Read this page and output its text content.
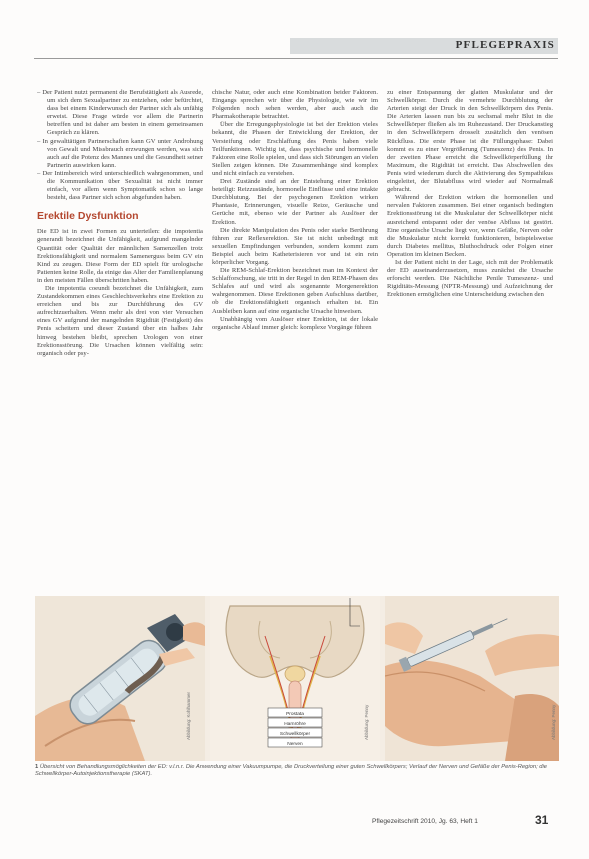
PFLEGEPRAXIS
– Der Patient nutzt permanent die Berufstätigkeit als Ausrede, um sich dem Sexualpartner zu entziehen, oder befürchtet, dass bei einem Kinderwunsch der Partner sich als unfähig erweist. Diese Frage würde vor allem die Partnerin betreffen und ist daher am besten in einem gemeinsamen Gespräch zu klären.
– In gewalttätigen Partnerschaften kann GV unter Androhung von Gewalt und Missbrauch erzwungen werden, was sich auch auf die Potenz des Mannes und die Gesundheit seiner Partnerin auswirken kann.
– Der Intimbereich wird unterschiedlich wahrgenommen, und die Kommunikation über Sexualität ist nicht immer einfach, vor allem wenn Symptomatik schon so lange besteht, dass Partner sich schon abgefunden haben.
Erektile Dysfunktion

Die ED ist in zwei Formen zu unterteilen: die impotentia generandi bezeichnet die Unfähigkeit, aufgrund mangelnder Quantität oder Qualität der männlichen Samenzellen trotz Erektionsfähigkeit und normalem Samenerguss beim GV ein Kind zu zeugen. Diese Form der ED spielt für urologische Patienten keine Rolle, da einige das Alter der Familienplanung in den meisten Fällen überschritten haben.

Die impotentia coeundi bezeichnet die Unfähigkeit, zum Zustandekommen eines Geschlechtsverkehrs eine Erektion zu erreichen und bis zur Durchführung des GV aufrechtzuerhalten. Wenn mehr als drei von vier Versuchen eines GV aufgrund der mangelnden Rigidität (Festigkeit) des Penis scheitern und dieser Zustand über ein halbes Jahr hinweg bestehen bleibt, sprechen Urologen von einer Erektionsstörung. Die Ursachen können vielfältig sein: organisch oder psy-

chische Natur, oder auch eine Kombination beider Faktoren. Eingangs sprechen wir über die Physiologie, wie wir im Folgenden noch sehen werden, aber auch auch die Pharmakotherapie betrachtet.

Über die Erregungsphysiologie ist bei der Erektion vieles bekannt, die Phasen der Entwicklung der Erektion, der Versteifung oder Erschlaffung des Penis haben viele Teilfunktionen. Wichtig ist, dass psychische und hormonelle Faktoren eine Rolle spielen, und dass sich Störungen an vielen Stellen zeigen können. Die Zusammenhänge sind komplex und nicht einfach zu verstehen.

Drei Zustände sind an der Entstehung einer Erektion beteiligt: Reizzustände, hormonelle Einflüsse und eine intakte Durchblutung. Bei der psychogenen Erektion wirken Phantasie, Erinnerungen, visuelle Reize, Geräusche und Gerüche mit, ebenso wie der Partner als Auslöser der Erektion.

Die direkte Manipulation des Penis oder starke Berührung führen zur Reflexerektion. Sie ist nicht unbedingt mit sexuellen Empfindungen verbunden, sondern kommt zum Beispiel auch beim Katheterisieren vor und ist ein rein körperlicher Vorgang.

Die REM-Schlaf-Erektion bezeichnet man im Kontext der Schlafforschung, sie tritt in der Regel in den REM-Phasen des Schlafes auf und wird als sogenannte Morgenerektion wahrgenommen. Diese Erektionen geben Aufschluss darüber, ob die Erektionsfähigkeit organisch erhalten ist. Ein Ausbleiben kann auf eine organische Ursache hinweisen.

Unabhängig vom Auslöser einer Erektion, ist der lokale organische Ablauf immer gleich: komplexe Vorgänge führen

zu einer Entspannung der glatten Muskulatur und der Schwellkörper. Durch die vermehrte Durchblutung der Arterien steigt der Druck in den Schwellkörpern des Penis. Die Arterien lassen nun bis zu sechsmal mehr Blut in die Schwellkörper fließen als im Ruhezustand. Der Druckanstieg in den Schwellkörpern drosselt zusätzlich den venösen Rückfluss. Die erste Phase ist die Füllungsphase: Dabei kommt es zu einer Vergrößerung (Tumeszenz) des Penis. In der zweiten Phase erreicht die Schwellkörperfüllung ihr Maximum, die Rigidität ist erreicht. Das Abschwellen des Penis wird wiederum durch die Aktivierung des Sympathikus eingeleitet, der Blutabfluss wird wieder auf Normalmaß gebracht.

Während der Erektion wirken die hormonellen und nervalen Faktoren zusammen. Bei einer organisch bedingten Erektionsstörung ist die Muskulatur der Schwellkörper nicht ausreichend entspannt oder der venöse Abfluss ist gestört. Eine organische Ursache liegt vor, wenn Gefäße, Nerven oder die Muskulatur nicht korrekt funktionieren, beispielsweise durch Diabetes mellitus, Bluthochdruck oder Folgen einer Operation im kleinen Becken.

Ist der Patient nicht in der Lage, sich mit der Problematik der ED auseinanderzusetzen, muss zunächst die Ursache erforscht werden. Die Nächtliche Penile Tumeszenz- und Rigiditäts-Messung (NPTR-Messung) und Aufzeichnung der Erektionen ermöglichen eine Unterscheidung zwischen den

Prostata
Harnröhre
Schwellkörper
Nerven
Abbildung: Kohlhammer	Abbildung: Penny	Abbildung: Penny
1 Übersicht von Behandlungsmöglichkeiten der ED: v.l.n.r. Die Anwendung einer Vakuumpumpe, die Druckverteilung einer guten Schwellkörpers; Verlauf der Nerven und Gefäße der Penis-Region; die Schwellkörper-Autoinjektionstherapie (SKAT).
Pflegezeitschrift 2010, Jg. 63, Heft 1	31
